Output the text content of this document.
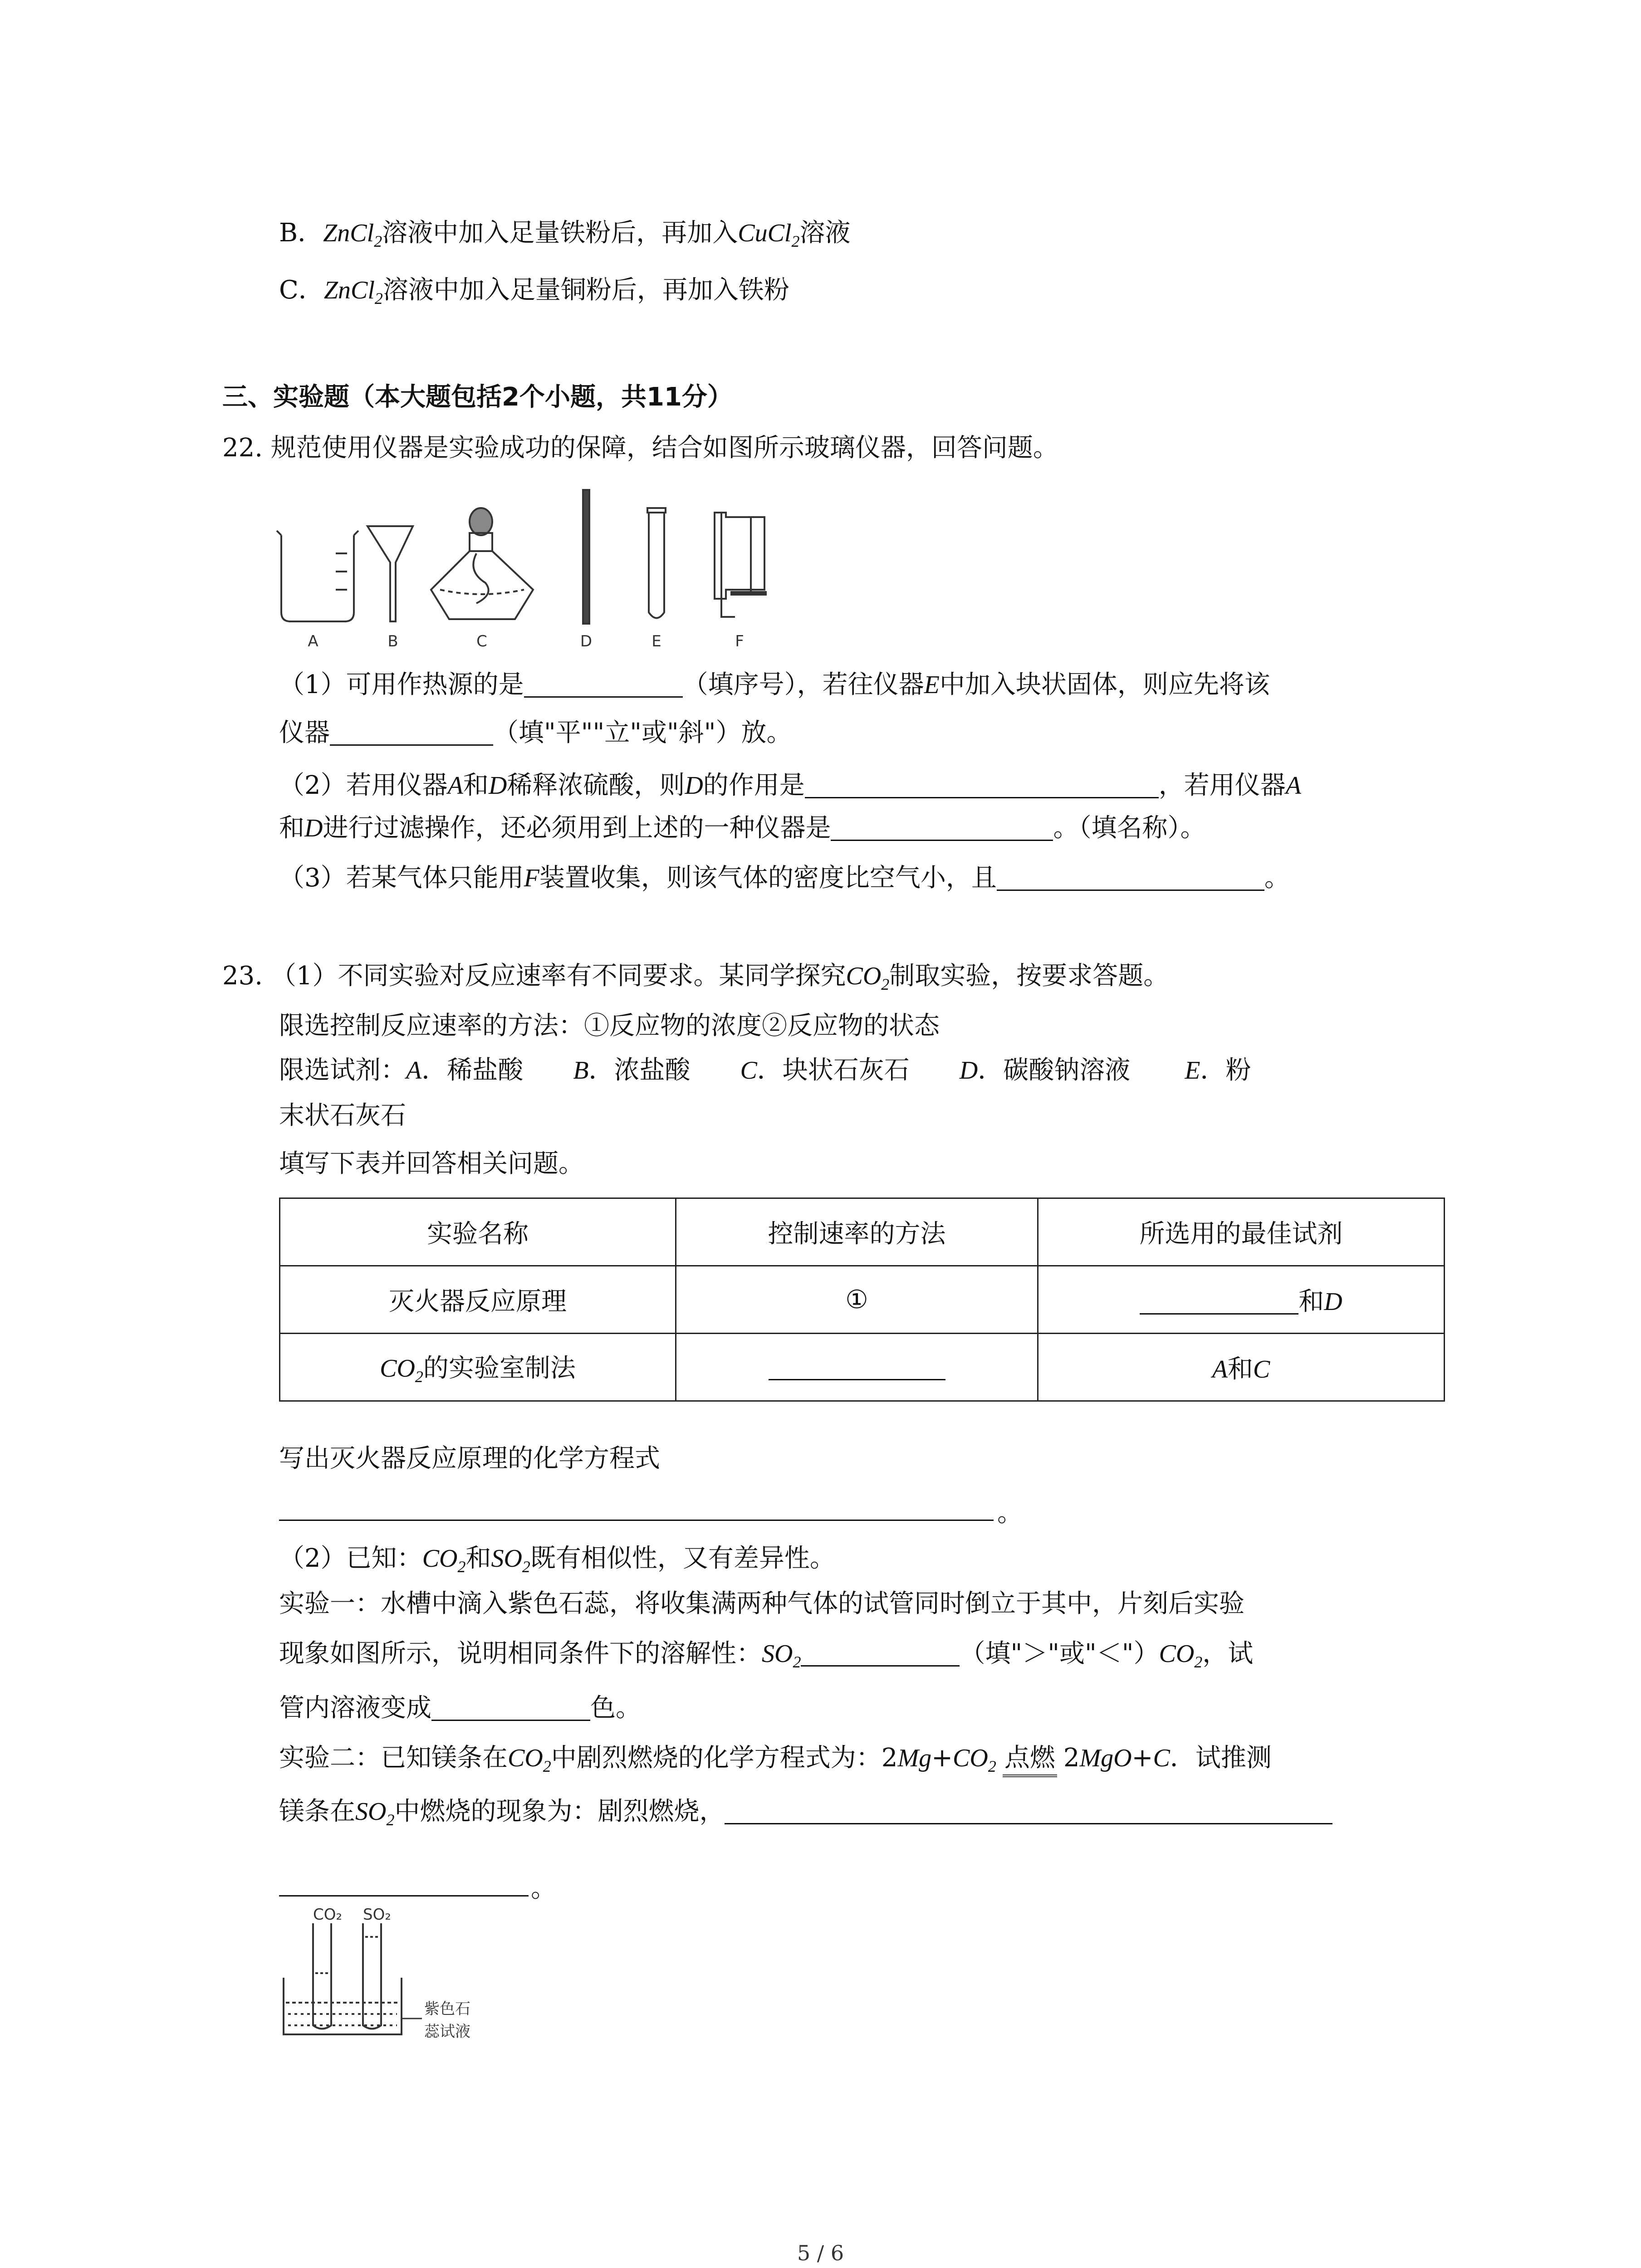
B．ZnCl$_2$溶液中加入足量铁粉后，再加入CuCl$_2$溶液
C．ZnCl$_2$溶液中加入足量铜粉后，再加入铁粉
三、实验题（本大题包括2个小题，共11分）
22. 规范使用仪器是实验成功的保障，结合如图所示玻璃仪器，回答问题。
A	B	C	D	E	F
（1）可用作热源的是	（填序号），若往仪器E中加入块状固体，则应先将该
仪器	（填"平""立"或"斜"）放。
（2）若用仪器A和D稀释浓硫酸，则D的作用是	，若用仪器A
和D进行过滤操作，还必须用到上述的一种仪器是	。（填名称）。
（3）若某气体只能用F装置收集，则该气体的密度比空气小，且	。
23. （1）不同实验对反应速率有不同要求。某同学探究$CO_2$制取实验，按要求答题。
限选控制反应速率的方法：①反应物的浓度②反应物的状态
限选试剂：A．稀盐酸 B．浓盐酸 C．块状石灰石 D．碳酸钠溶液 E．粉
末状石灰石
填写下表并回答相关问题。
实验名称	控制速率的方法	所选用的最佳试剂
灭火器反应原理	①	和D
$CO_2$的实验室制法		A和C
写出灭火器反应原理的化学方程式
。
（2）已知：$CO_2$和$SO_2$既有相似性，又有差异性。
实验一：水槽中滴入紫色石蕊，将收集满两种气体的试管同时倒立于其中，片刻后实验
现象如图所示，说明相同条件下的溶解性：$SO_2$	（填"＞"或"$<")CO_2$，试
管内溶液变成	色。
实验二：已知镁条在$CO_2$中剧烈燃烧的化学方程式为：$2Mg+CO_2$ 点燃 2MgO+C．试推测
镁条在$SO_2$中燃烧的现象为：剧烈燃烧，
。
CO₂ SO₂
紫色石
蕊试液
5 / 6
